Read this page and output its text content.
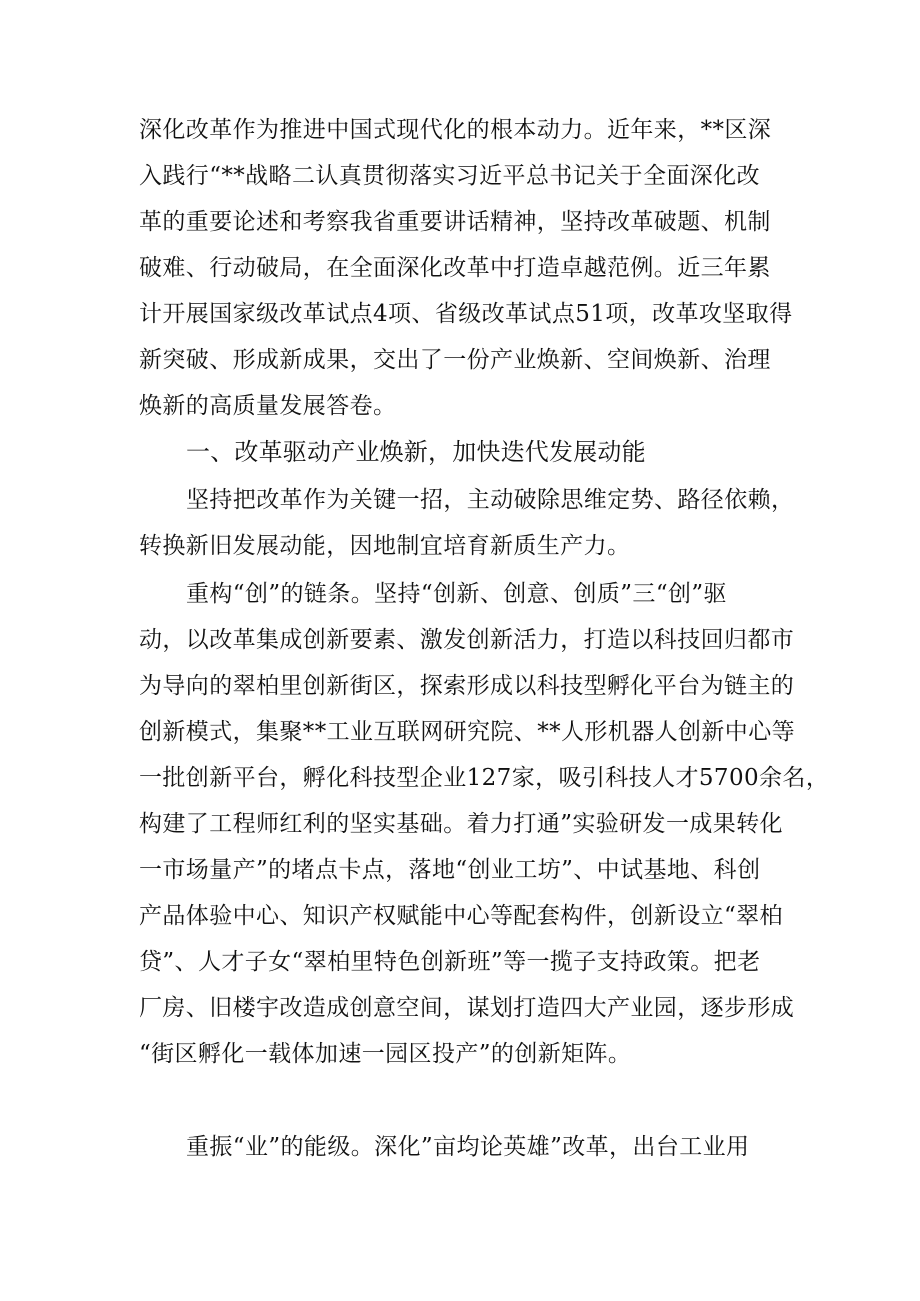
深化改革作为推进中国式现代化的根本动力。近年来，**区深
入践行“**战略二认真贯彻落实习近平总书记关于全面深化改
革的重要论述和考察我省重要讲话精神，坚持改革破题、机制
破难、行动破局，在全面深化改革中打造卓越范例。近三年累
计开展国家级改革试点4项、省级改革试点51项，改革攻坚取得
新突破、形成新成果，交出了一份产业焕新、空间焕新、治理
焕新的高质量发展答卷。
一、改革驱动产业焕新，加快迭代发展动能
坚持把改革作为关键一招，主动破除思维定势、路径依赖，
转换新旧发展动能，因地制宜培育新质生产力。
重构“创”的链条。坚持“创新、创意、创质”三“创”驱
动，以改革集成创新要素、激发创新活力，打造以科技回归都市
为导向的翠柏里创新街区，探索形成以科技型孵化平台为链主的
创新模式，集聚**工业互联网研究院、**人形机器人创新中心等
一批创新平台，孵化科技型企业127家，吸引科技人才5700余名，
构建了工程师红利的坚实基础。着力打通”实验研发一成果转化
一市场量产”的堵点卡点，落地“创业工坊”、中试基地、科创
产品体验中心、知识产权赋能中心等配套构件，创新设立“翠柏
贷”、人才子女“翠柏里特色创新班”等一揽子支持政策。把老
厂房、旧楼宇改造成创意空间，谋划打造四大产业园，逐步形成
“街区孵化一载体加速一园区投产”的创新矩阵。
重振“业”的能级。深化”亩均论英雄”改革，出台工业用
